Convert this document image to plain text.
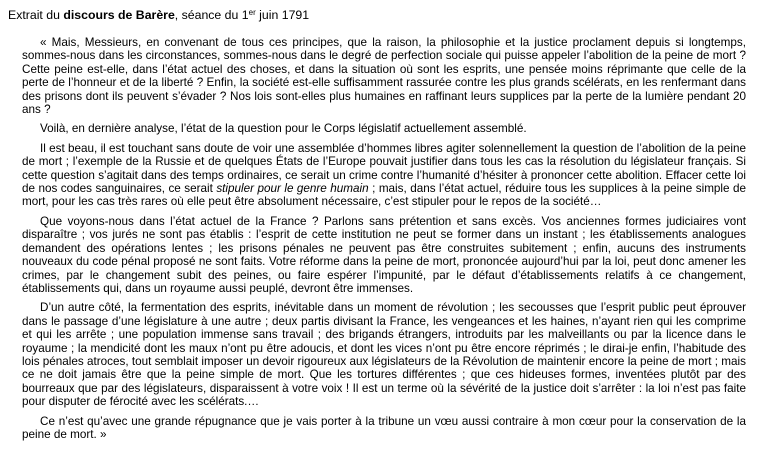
Extrait du discours de Barère, séance du 1er juin 1791

« Mais, Messieurs, en convenant de tous ces principes, que la raison, la philosophie et la justice proclament depuis si longtemps, sommes-nous dans les circonstances, sommes-nous dans le degré de perfection sociale qui puisse appeler l’abolition de la peine de mort ? Cette peine est-elle, dans l’état actuel des choses, et dans la situation où sont les esprits, une pensée moins réprimante que celle de la perte de l’honneur et de la liberté ? Enfin, la société est-elle suffisamment rassurée contre les plus grands scélérats, en les renfermant dans des prisons dont ils peuvent s’évader ? Nos lois sont-elles plus humaines en raffinant leurs supplices par la perte de la lumière pendant 20 ans ?

Voilà, en dernière analyse, l’état de la question pour le Corps législatif actuellement assemblé.

Il est beau, il est touchant sans doute de voir une assemblée d’hommes libres agiter solennellement la question de l’abolition de la peine de mort ; l’exemple de la Russie et de quelques États de l’Europe pouvait justifier dans tous les cas la résolution du législateur français. Si cette question s’agitait dans des temps ordinaires, ce serait un crime contre l’humanité d’hésiter à prononcer cette abolition. Effacer cette loi de nos codes sanguinaires, ce serait stipuler pour le genre humain ; mais, dans l’état actuel, réduire tous les supplices à la peine simple de mort, pour les cas très rares où elle peut être absolument nécessaire, c’est stipuler pour le repos de la société…

Que voyons-nous dans l’état actuel de la France ? Parlons sans prétention et sans excès. Vos anciennes formes judiciaires vont disparaître ; vos jurés ne sont pas établis : l’esprit de cette institution ne peut se former dans un instant ; les établissements analogues demandent des opérations lentes ; les prisons pénales ne peuvent pas être construites subitement ; enfin, aucuns des instruments nouveaux du code pénal proposé ne sont faits. Votre réforme dans la peine de mort, prononcée aujourd’hui par la loi, peut donc amener les crimes, par le changement subit des peines, ou faire espérer l’impunité, par le défaut d’établissements relatifs à ce changement, établissements qui, dans un royaume aussi peuplé, devront être immenses.

D’un autre côté, la fermentation des esprits, inévitable dans un moment de révolution ; les secousses que l’esprit public peut éprouver dans le passage d’une législature à une autre ; deux partis divisant la France, les vengeances et les haines, n’ayant rien qui les comprime et qui les arrête ; une population immense sans travail ; des brigands étrangers, introduits par les malveillants ou par la licence dans le royaume ; la mendicité dont les maux n’ont pu être adoucis, et dont les vices n’ont pu être encore réprimés ; le dirai-je enfin, l’habitude des lois pénales atroces, tout semblait imposer un devoir rigoureux aux législateurs de la Révolution de maintenir encore la peine de mort ; mais ce ne doit jamais être que la peine simple de mort. Que les tortures différentes ; que ces hideuses formes, inventées plutôt par des bourreaux que par des législateurs, disparaissent à votre voix ! Il est un terme où la sévérité de la justice doit s’arrêter : la loi n’est pas faite pour disputer de férocité avec les scélérats.…

Ce n’est qu’avec une grande répugnance que je vais porter à la tribune un vœu aussi contraire à mon cœur pour la conservation de la peine de mort. »
